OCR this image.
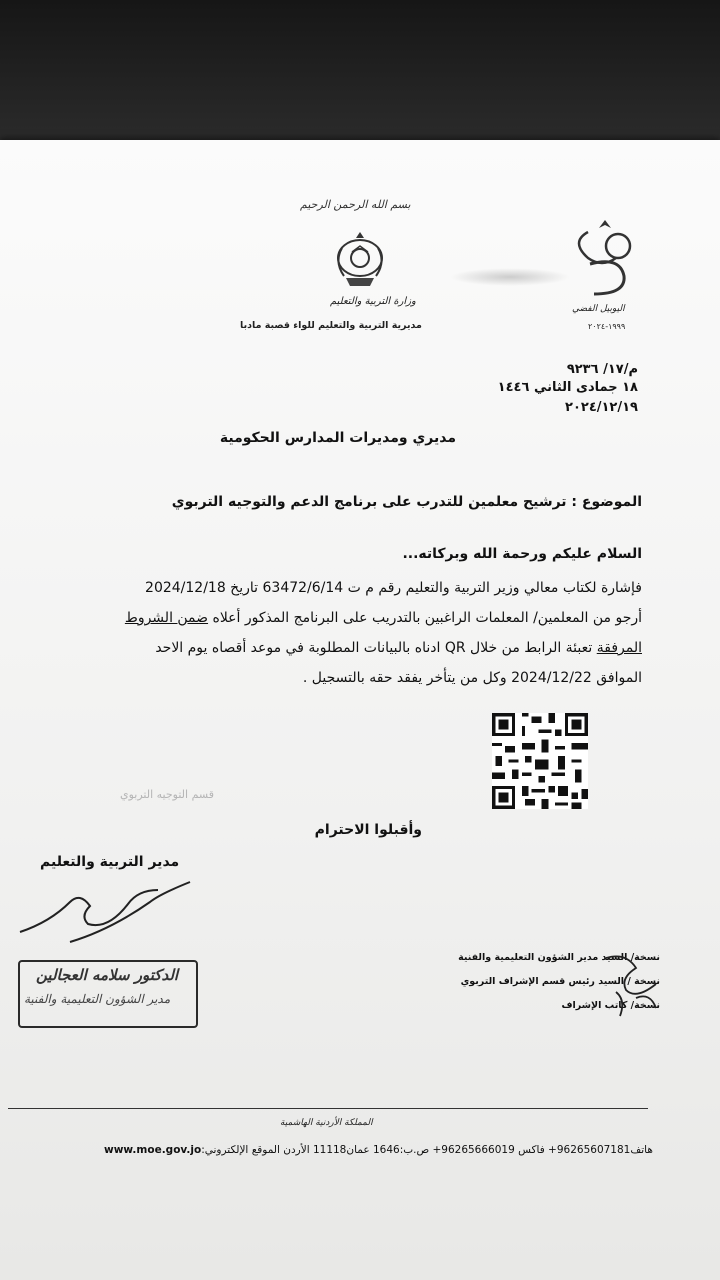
بسم الله الرحمن الرحيم
وزارة التربية والتعليم
مديرية التربية والتعليم للواء قصبة مادبا
اليوبيل الفضي
١٩٩٩-٢٠٢٤
م/١٧/ ٩٢٣٦
١٨ جمادى الثاني ١٤٤٦
٢٠٢٤/١٢/١٩
مديري ومديرات المدارس الحكومية
الموضوع : ترشيح معلمين للتدرب على برنامج الدعم والتوجيه التربوي
السلام عليكم ورحمة الله وبركاته...
فإشارة لكتاب معالي وزير التربية والتعليم رقم م ت 63472/6/14 تاريخ 2024/12/18
أرجو من المعلمين/ المعلمات الراغبين بالتدريب على البرنامج المذكور أعلاه ضمن الشروط
المرفقة تعبئة الرابط من خلال QR ادناه بالبيانات المطلوبة في موعد أقصاه يوم الاحد
الموافق 2024/12/22 وكل من يتأخر يفقد حقه بالتسجيل .
قسم التوجيه التربوي
وأقبلوا الاحترام
مدير التربية والتعليم
الدكتور سلامه العجالين
مدير الشؤون التعليمية والفنية
نسخة/ السيد مدير الشؤون التعليمية والفنية
نسخة / السيد رئيس قسم الإشراف التربوي
نسخة/ كاتب الإشراف
المملكة الأردنية الهاشمية
www.moe.gov.joهاتف96265607181+ فاكس 96265666019+ ص.ب:1646 عمان11118 الأردن الموقع الإلكتروني:
